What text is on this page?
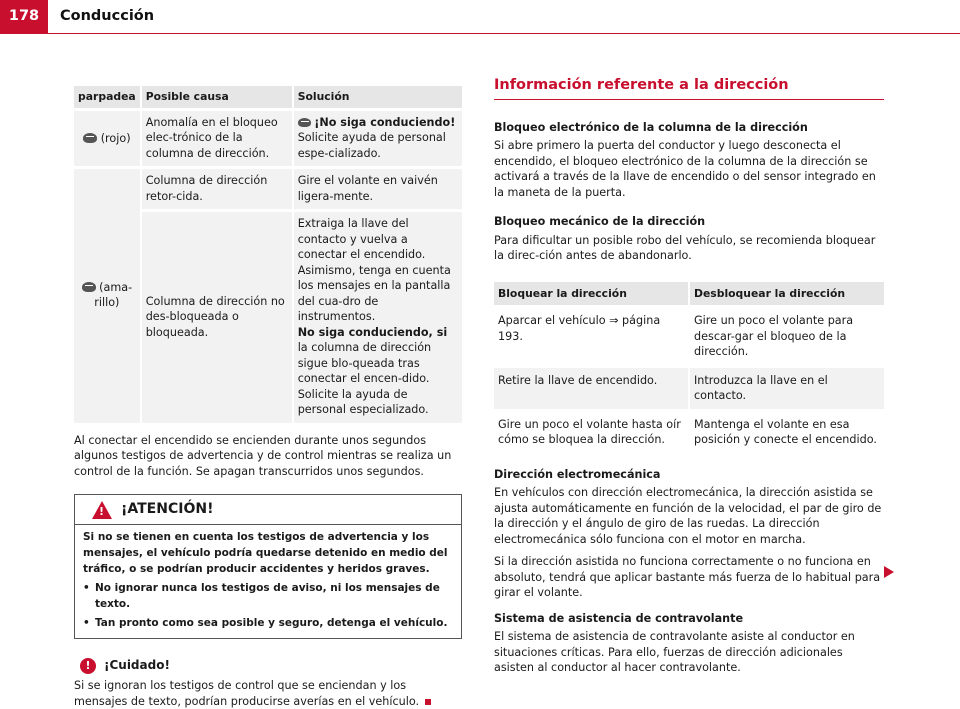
178	Conducción
parpadea	Posible causa	Solución
(rojo)	Anomalía en el bloqueo elec-trónico de la columna de dirección.	¡No siga conduciendo!
Solicite ayuda de personal espe-cializado.

(ama-
rillo)	Columna de dirección retor-cida.	Gire el volante en vaivén ligera-mente.
	Columna de dirección no des-bloqueada o bloqueada.	Extraiga la llave del contacto y vuelva a conectar el encendido. Asimismo, tenga en cuenta los mensajes en la pantalla del cua-dro de instrumentos.
No siga conduciendo, si la columna de dirección sigue blo-queada tras conectar el encen-dido. Solicite la ayuda de personal especializado.

Al conectar el encendido se encienden durante unos segundos algunos testigos de advertencia y de control mientras se realiza un control de la función. Se apagan transcurridos unos segundos.

!
¡ATENCIÓN!
Si no se tienen en cuenta los testigos de advertencia y los mensajes, el vehículo podría quedarse detenido en medio del tráfico, o se podrían producir accidentes y heridos graves.
• No ignorar nunca los testigos de aviso, ni los mensajes de texto.
• Tan pronto como sea posible y seguro, detenga el vehículo.
!	¡Cuidado!

Si se ignoran los testigos de control que se enciendan y los mensajes de texto, podrían producirse averías en el vehículo.

Información referente a la dirección
Bloqueo electrónico de la columna de la dirección

Si abre primero la puerta del conductor y luego desconecta el encendido, el bloqueo electrónico de la columna de la dirección se activará a través de la llave de encendido o del sensor integrado en la maneta de la puerta.

Bloqueo mecánico de la dirección

Para dificultar un posible robo del vehículo, se recomienda bloquear la direc-ción antes de abandonarlo.

Bloquear la dirección	Desbloquear la dirección
Aparcar el vehículo ⇒ página 193.	Gire un poco el volante para descar-gar el bloqueo de la dirección.
Retire la llave de encendido.	Introduzca la llave en el contacto.
Gire un poco el volante hasta oír cómo se bloquea la dirección.	Mantenga el volante en esa posición y conecte el encendido.
Dirección electromecánica

En vehículos con dirección electromecánica, la dirección asistida se ajusta automáticamente en función de la velocidad, el par de giro de la dirección y el ángulo de giro de las ruedas. La dirección electromecánica sólo funciona con el motor en marcha.

Si la dirección asistida no funciona correctamente o no funciona en absoluto, tendrá que aplicar bastante más fuerza de lo habitual para girar el volante.

Sistema de asistencia de contravolante

El sistema de asistencia de contravolante asiste al conductor en situaciones críticas. Para ello, fuerzas de dirección adicionales asisten al conductor al hacer contravolante.
